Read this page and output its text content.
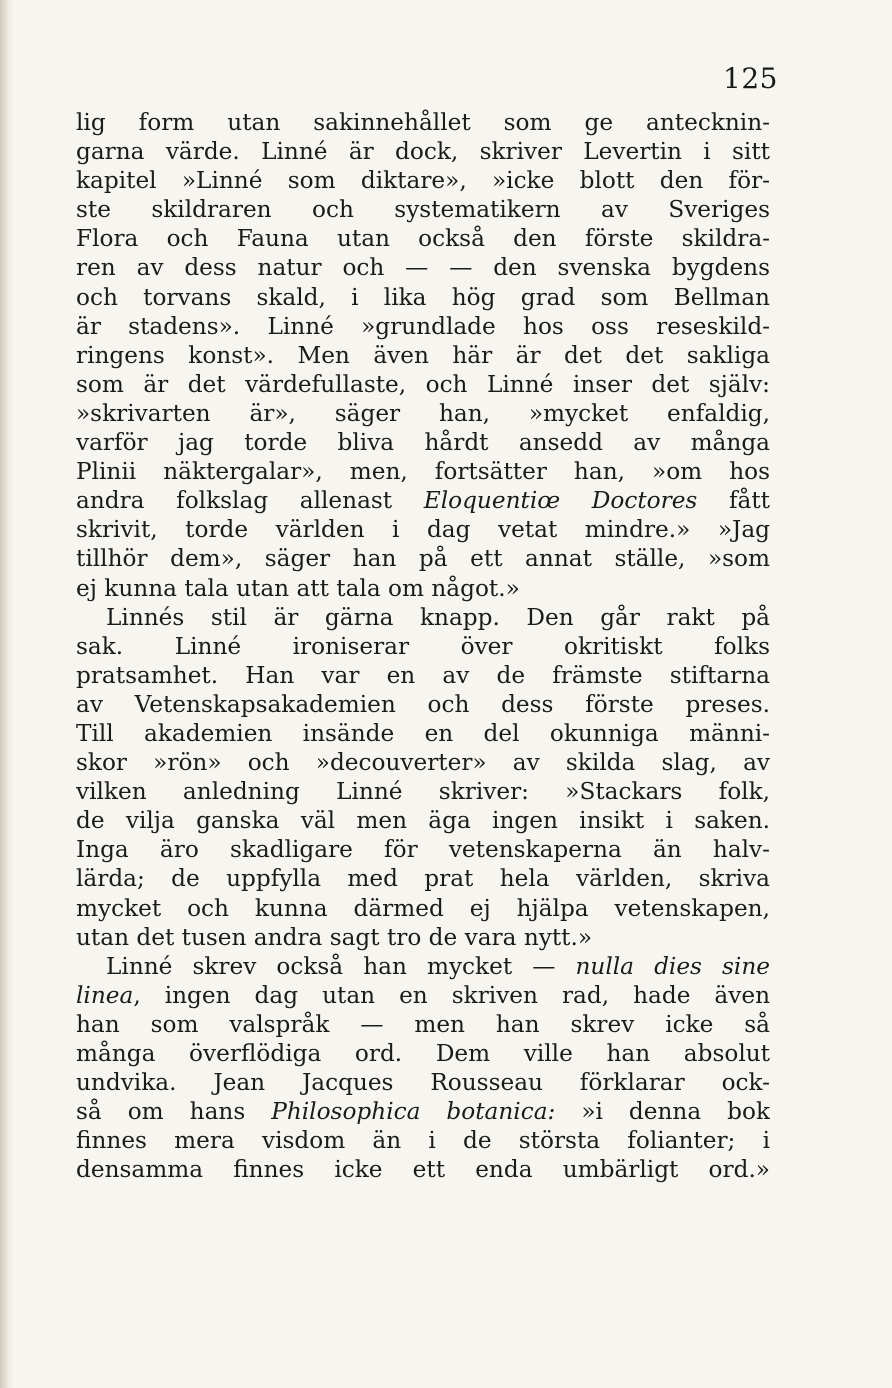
125
lig form utan sakinnehållet som ge antecknin-
garna värde. Linné är dock, skriver Levertin i sitt
kapitel »Linné som diktare», »icke blott den för-
ste skildraren och systematikern av Sveriges
Flora och Fauna utan också den förste skildra-
ren av dess natur och — — den svenska bygdens
och torvans skald, i lika hög grad som Bellman
är stadens». Linné »grundlade hos oss reseskild-
ringens konst». Men även här är det det sakliga
som är det värdefullaste, och Linné inser det själv:
»skrivarten är», säger han, »mycket enfaldig,
varför jag torde bliva hårdt ansedd av många
Plinii näktergalar», men, fortsätter han, »om hos
andra folkslag allenast Eloquentiœ Doctores fått
skrivit, torde världen i dag vetat mindre.» »Jag
tillhör dem», säger han på ett annat ställe, »som
ej kunna tala utan att tala om något.»
Linnés stil är gärna knapp. Den går rakt på
sak. Linné ironiserar över okritiskt folks
pratsamhet. Han var en av de främste stiftarna
av Vetenskapsakademien och dess förste preses.
Till akademien insände en del okunniga männi-
skor »rön» och »decouverter» av skilda slag, av
vilken anledning Linné skriver: »Stackars folk,
de vilja ganska väl men äga ingen insikt i saken.
Inga äro skadligare för vetenskaperna än halv-
lärda; de uppfylla med prat hela världen, skriva
mycket och kunna därmed ej hjälpa vetenskapen,
utan det tusen andra sagt tro de vara nytt.»
Linné skrev också han mycket — nulla dies sine
linea, ingen dag utan en skriven rad, hade även
han som valspråk — men han skrev icke så
många överflödiga ord. Dem ville han absolut
undvika. Jean Jacques Rousseau förklarar ock-
så om hans Philosophica botanica: »i denna bok
finnes mera visdom än i de största folianter; i
densamma finnes icke ett enda umbärligt ord.»
